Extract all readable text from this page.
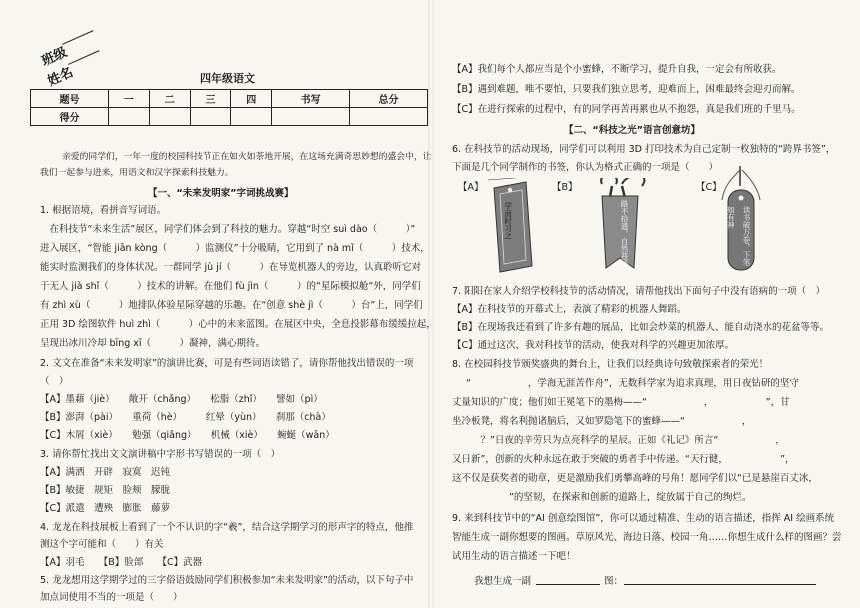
班级
姓名	四年级语文
题号	一	二	三	四	书写	总分
得分						
亲爱的同学们，一年一度的校园科技节正在如火如荼地开展，在这场充满奇思妙想的盛会中，让
我们一起参与进来，用语文和汉字探索科技魅力。
【一、“未来发明家”字词挑战赛】
1. 根据语境，看拼音写词语。
　在科技节“未来生活”展区，同学们体会到了科技的魅力。穿越“时空 suì dào（　　　）”
进入展区，“智能 jiān kòng（　　　）监测仪”十分吸睛，它用到了 nà mǐ（　　　）技术，
能实时监测我们的身体状况。一群同学 jù jí（　　　）在导览机器人的旁边，认真聆听它对
于无人 jià shǐ（　　　）技术的讲解。在他们 fù jìn（　　　）的“星际模拟舱”外，同学们
有 zhì xù（　　　）地排队体验星际穿越的乐趣。在“创意 shè jì（　　　）台”上，同学们
正用 3D 绘图软件 huì zhì（　　　）心中的未来蓝图。在展区中央，全息投影幕布缓缓拉起，
呈现出冰川冷却 bīng xī（　　　）凝神，满心期待。
2. 文文在准备“未来发明家”的演讲比赛，可是有些词语读错了，请你帮他找出错误的一项
（　）
【A】墨藉（jiè）　　敞开（chǎng）　　松脂（zhǐ）　　譬如（pì）
【B】澎湃（pài）　　重荷（hè）　　　红晕（yùn）　　刹那（chà）
【C】木屑（xiè）　　勉强（qiǎng）　　机械（xiè）　　蜿蜒（wān）
3. 请你帮忙找出文文演讲稿中字形书写错误的一项（　）
【A】满洒　开辟　寂寞　迟钝
【B】敏捷　规矩　脸颊　朦胧
【C】派遣　遭殃　膨胀　藤萝
4. 龙龙在科技展板上看到了一个不认识的字“羲”，结合这学期学习的形声字的特点，他推
测这个字可能和（　　）有关
【A】羽毛　　【B】脸部　　【C】武器
5. 龙龙想用这学期学过的三字俗语鼓励同学们积极参加“未来发明家”的活动，以下句子中
加点词使用不当的一项是（　　）
【A】我们每个人都应当是个小蜜蜂，不断学习，提升自我，一定会有所收获。
【B】遇到难题，唯不要怕，只要我们独立思考，迎难而上，困难最终会迎刃而解。
【C】在进行探索的过程中，有的同学再苦再累也从不抱怨，真是我们班的千里马。
【二、“科技之光”语言创意坊】
6. 在科技节的活动现场，同学们可以利用 3D 打印技术为自己定制一枚独特的“跨界书签”，
下面是几个同学制作的书签，你认为格式正确的一项是（　　）
【A】	【B】	【C】
学而时习之	路不拾遗，自然普通	读书破万卷，下笔如有神
7. 阳阳在家人介绍学校科技节的活动情况，请帮他找出下面句子中没有语病的一项（　）
【A】在科技节的开幕式上，表演了精彩的机器人舞蹈。
【B】在现场我还看到了许多有趣的展品，比如会炒菜的机器人、能自动浇水的花盆等等。
【C】通过这次，我对科技节的活动，使我对科学的兴趣更加浓厚。
8. 在校园科技节颁奖盛典的舞台上，让我们以经典诗句致敬探索者的荣光！
“　　　　　　，学海无涯苦作舟”，无数科学家为追求真理，用日夜钻研的坚守
丈量知识的广度；他们如王冕笔下的墨梅——“　　　　　　，　　　　　　”，甘
坐冷板凳，将名利抛诸脑后，又如罗隐笔下的蜜蜂——“　　　　　　，　　　　　
　　　？”日夜的辛劳只为点亮科学的星辰。正如《礼记》所言“　　　　　　，
又日新”，创新的火种永远在敢于突破的勇者手中传递。“天行健，　　　　　　”，
这不仅是获奖者的勋章，更是激励我们勇攀高峰的号角！愿同学们以“已是悬崖百丈冰，
　　　　　　”的坚韧，在探索和创新的道路上，绽放属于自己的绚烂。
9. 来到科技节中的“AI 创意绘图馆”，你可以通过精准、生动的语言描述，指挥 AI 绘画系统
智能生成一副你想要的图画。草原风光、海边日落、校园一角……你想生成什么样的图画？尝
试用生动的语言描述一下吧！
我想生成一副	图：
